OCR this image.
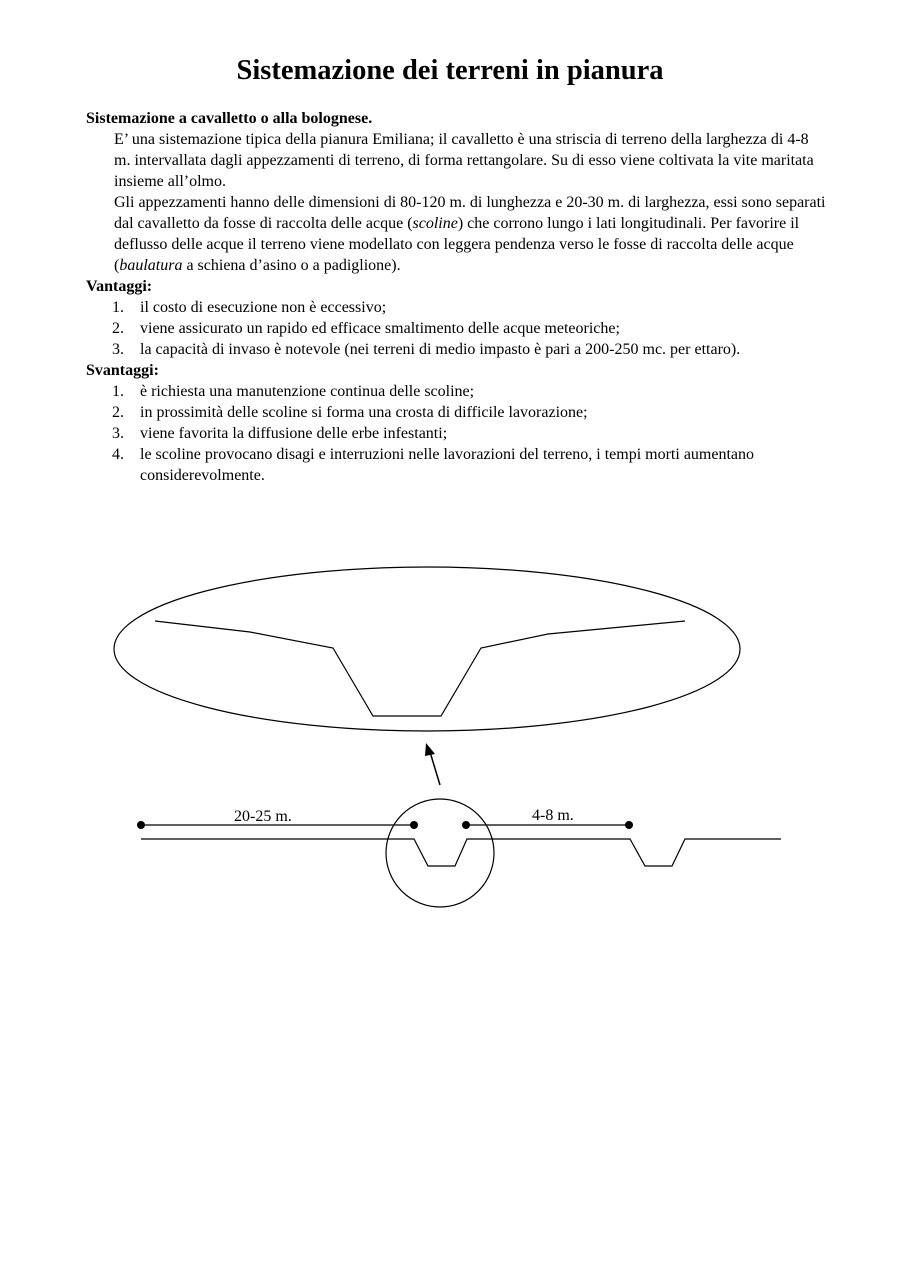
Sistemazione dei terreni in pianura

Sistemazione a cavalletto o alla bolognese.

E’ una sistemazione tipica della pianura Emiliana; il cavalletto è una striscia di terreno della larghezza di 4-8 m. intervallata dagli appezzamenti di terreno, di forma rettangolare. Su di esso viene coltivata la vite maritata insieme all’olmo.

Gli appezzamenti hanno delle dimensioni di 80-120 m. di lunghezza e 20-30 m. di larghezza, essi sono separati dal cavalletto da fosse di raccolta delle acque (scoline) che corrono lungo i lati longitudinali. Per favorire il deflusso delle acque il terreno viene modellato con leggera pendenza verso le fosse di raccolta delle acque (baulatura a schiena d’asino o a padiglione).

Vantaggi:

1. il costo di esecuzione non è eccessivo;
2. viene assicurato un rapido ed efficace smaltimento delle acque meteoriche;
3. la capacità di invaso è notevole (nei terreni di medio impasto è pari a 200-250 mc. per ettaro).

Svantaggi:

1. è richiesta una manutenzione continua delle scoline;
2. in prossimità delle scoline si forma una crosta di difficile lavorazione;
3. viene favorita la diffusione delle erbe infestanti;
4. le scoline provocano disagi e interruzioni nelle lavorazioni del terreno, i tempi morti aumentano considerevolmente.
20-25 m.	4-8 m.
